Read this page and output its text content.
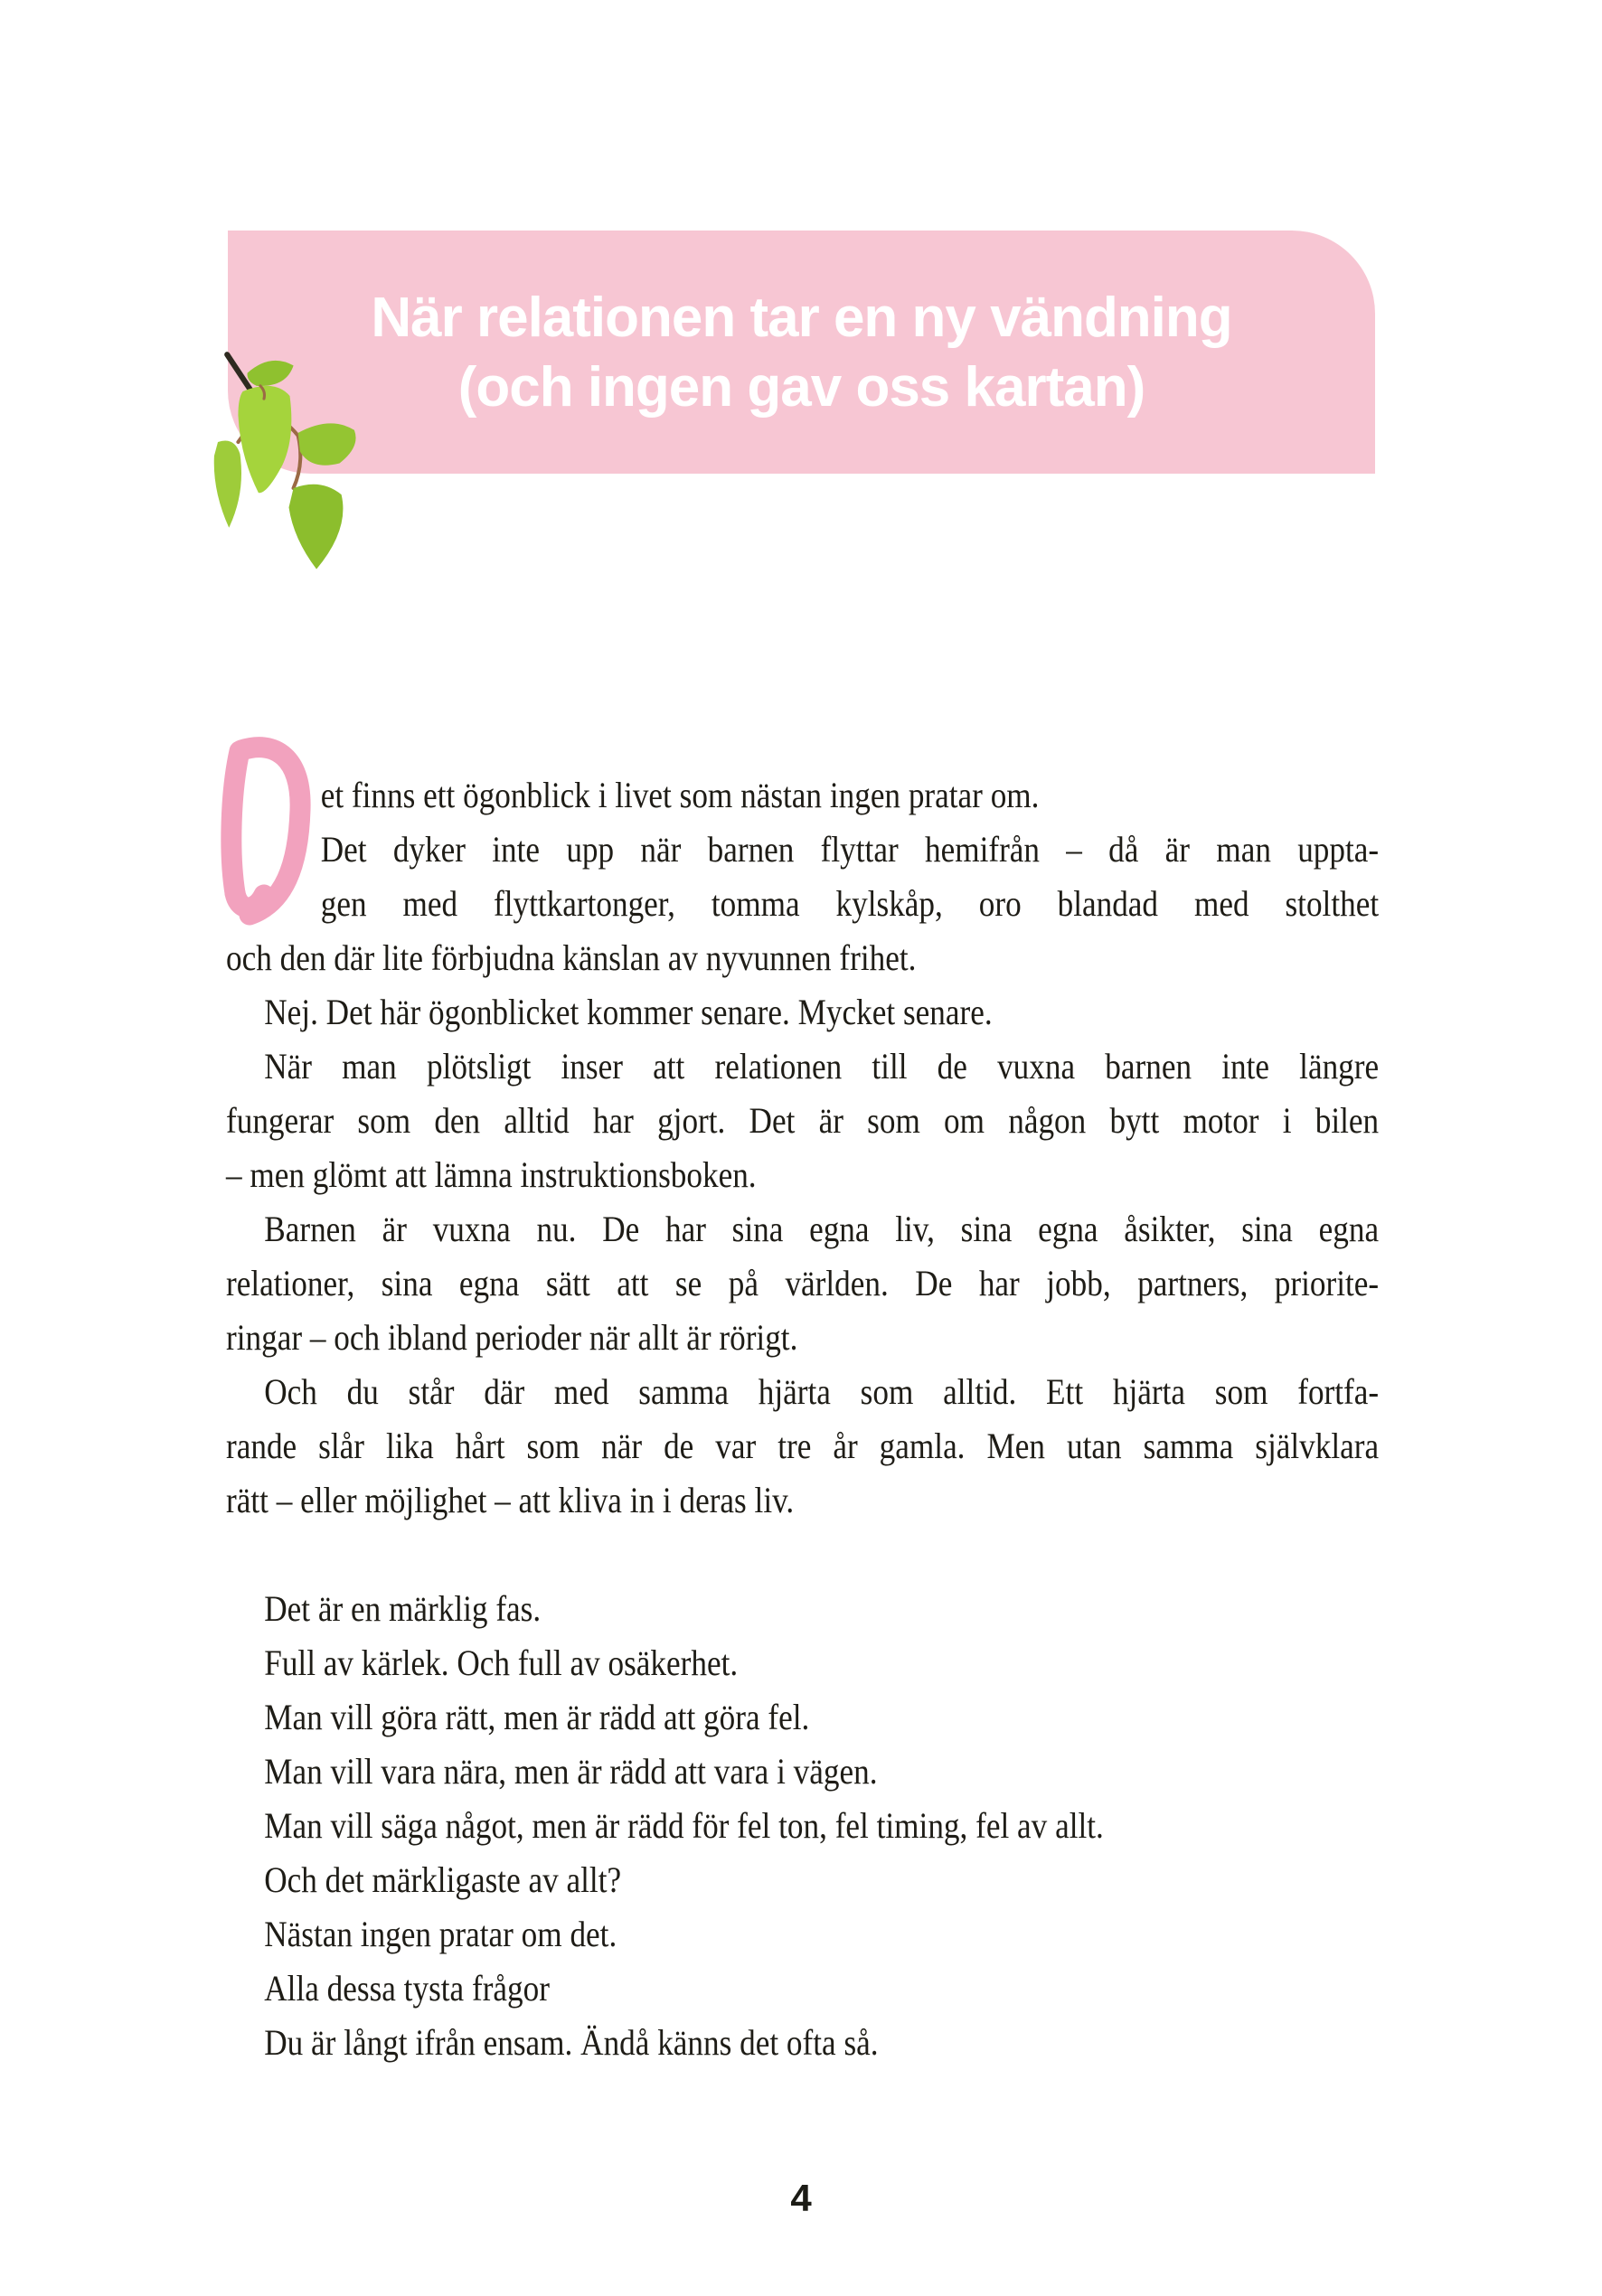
När relationen tar en ny vändning
(och ingen gav oss kartan)
et finns ett ögonblick i livet som nästan ingen pratar om.
Det dyker inte upp när barnen flyttar hemifrån – då är man uppta-
gen med flyttkartonger, tomma kylskåp, oro blandad med stolthet
och den där lite förbjudna känslan av nyvunnen frihet.
Nej. Det här ögonblicket kommer senare. Mycket senare.
När man plötsligt inser att relationen till de vuxna barnen inte längre
fungerar som den alltid har gjort. Det är som om någon bytt motor i bilen
– men glömt att lämna instruktionsboken.
Barnen är vuxna nu. De har sina egna liv, sina egna åsikter, sina egna
relationer, sina egna sätt att se på världen. De har jobb, partners, priorite-
ringar – och ibland perioder när allt är rörigt.
Och du står där med samma hjärta som alltid. Ett hjärta som fortfa-
rande slår lika hårt som när de var tre år gamla. Men utan samma självklara
rätt – eller möjlighet – att kliva in i deras liv.
Det är en märklig fas.
Full av kärlek. Och full av osäkerhet.
Man vill göra rätt, men är rädd att göra fel.
Man vill vara nära, men är rädd att vara i vägen.
Man vill säga något, men är rädd för fel ton, fel timing, fel av allt.
Och det märkligaste av allt?
Nästan ingen pratar om det.
Alla dessa tysta frågor
Du är långt ifrån ensam. Ändå känns det ofta så.
4
